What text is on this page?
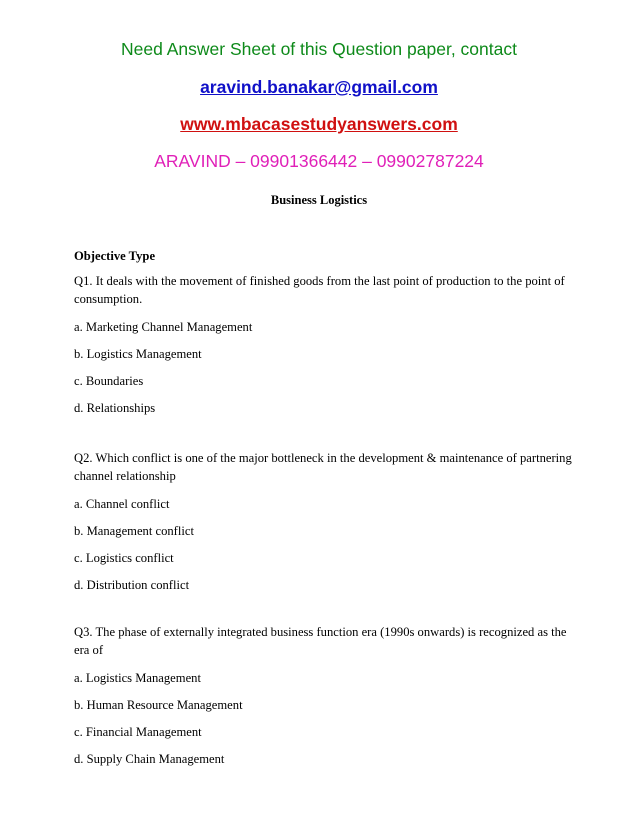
Need Answer Sheet of this Question paper, contact
aravind.banakar@gmail.com
www.mbacasestudyanswers.com
ARAVIND – 09901366442 – 09902787224
Business Logistics
Objective Type
Q1. It deals with the movement of finished goods from the last point of production to the point of consumption.
a. Marketing Channel Management
b. Logistics Management
c. Boundaries
d. Relationships
Q2. Which conflict is one of the major bottleneck in the development & maintenance of partnering channel relationship
a. Channel conflict
b. Management conflict
c. Logistics conflict
d. Distribution conflict
Q3. The phase of externally integrated business function era (1990s onwards) is recognized as the era of
a. Logistics Management
b. Human Resource Management
c. Financial Management
d. Supply Chain Management
